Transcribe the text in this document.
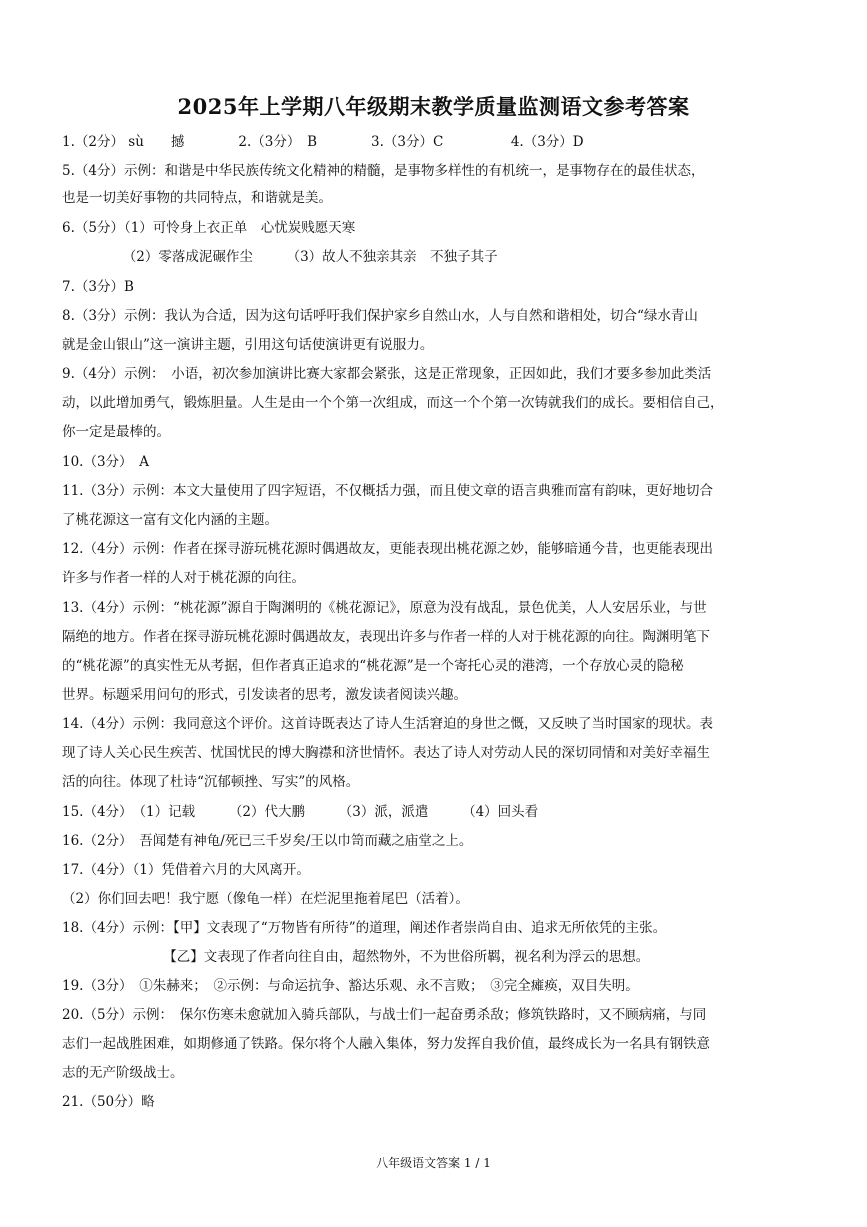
2025年上学期八年级期末教学质量监测语文参考答案
1.（2分） sù　　撼　　　　2.（3分）　B　　　　3.（3分）C　　　　　4.（3分）D
5.（4分）示例：和谐是中华民族传统文化精神的精髓，是事物多样性的有机统一，是事物存在的最佳状态，
也是一切美好事物的共同特点，和谐就是美。
6.（5分）（1）可怜身上衣正单　心忧炭贱愿天寒
　　　　　（2）零落成泥碾作尘　　　（3）故人不独亲其亲　不独子其子
7.（3分）B
8.（3分）示例：我认为合适，因为这句话呼吁我们保护家乡自然山水，人与自然和谐相处，切合“绿水青山
就是金山银山”这一演讲主题，引用这句话使演讲更有说服力。
9.（4分）示例：　小语，初次参加演讲比赛大家都会紧张，这是正常现象，正因如此，我们才要多参加此类活
动，以此增加勇气，锻炼胆量。人生是由一个个第一次组成，而这一个个第一次铸就我们的成长。要相信自己，
你一定是最棒的。
10.（3分）　A
11.（3分）示例：本文大量使用了四字短语，不仅概括力强，而且使文章的语言典雅而富有韵味，更好地切合
了桃花源这一富有文化内涵的主题。
12.（4分）示例：作者在探寻游玩桃花源时偶遇故友，更能表现出桃花源之妙，能够暗通今昔，也更能表现出
许多与作者一样的人对于桃花源的向往。
13.（4分）示例：“桃花源”源自于陶渊明的《桃花源记》，原意为没有战乱，景色优美，人人安居乐业，与世
隔绝的地方。作者在探寻游玩桃花源时偶遇故友，表现出许多与作者一样的人对于桃花源的向往。陶渊明笔下
的“桃花源”的真实性无从考据，但作者真正追求的“桃花源”是一个寄托心灵的港湾，一个存放心灵的隐秘
世界。标题采用问句的形式，引发读者的思考，激发读者阅读兴趣。
14.（4分）示例：我同意这个评价。这首诗既表达了诗人生活窘迫的身世之慨，又反映了当时国家的现状。表
现了诗人关心民生疾苦、忧国忧民的博大胸襟和济世情怀。表达了诗人对劳动人民的深切同情和对美好幸福生
活的向往。体现了杜诗“沉郁顿挫、写实”的风格。
15.（4分）　（1）记载　　　（2）代大鹏　　　（3）派，派遣　　　（4）回头看
16.（2分）　吾闻楚有神龟/死已三千岁矣/王以巾笥而藏之庙堂之上。
17.（4分）（1）凭借着六月的大风离开。
（2）你们回去吧！我宁愿（像龟一样）在烂泥里拖着尾巴（活着）。
18.（4分）示例：【甲】文表现了“万物皆有所待”的道理，阐述作者崇尚自由、追求无所依凭的主张。
　　　　　　　　【乙】文表现了作者向往自由，超然物外，不为世俗所羁，视名利为浮云的思想。
19.（3分）　①朱赫来；　②示例：与命运抗争、豁达乐观、永不言败；　③完全瘫痪，双目失明。
20.（5分）示例：　保尔伤寒未愈就加入骑兵部队，与战士们一起奋勇杀敌；修筑铁路时，又不顾病痛，与同
志们一起战胜困难，如期修通了铁路。保尔将个人融入集体，努力发挥自我价值，最终成长为一名具有钢铁意
志的无产阶级战士。
21.（50分）略
八年级语文答案 1 / 1
